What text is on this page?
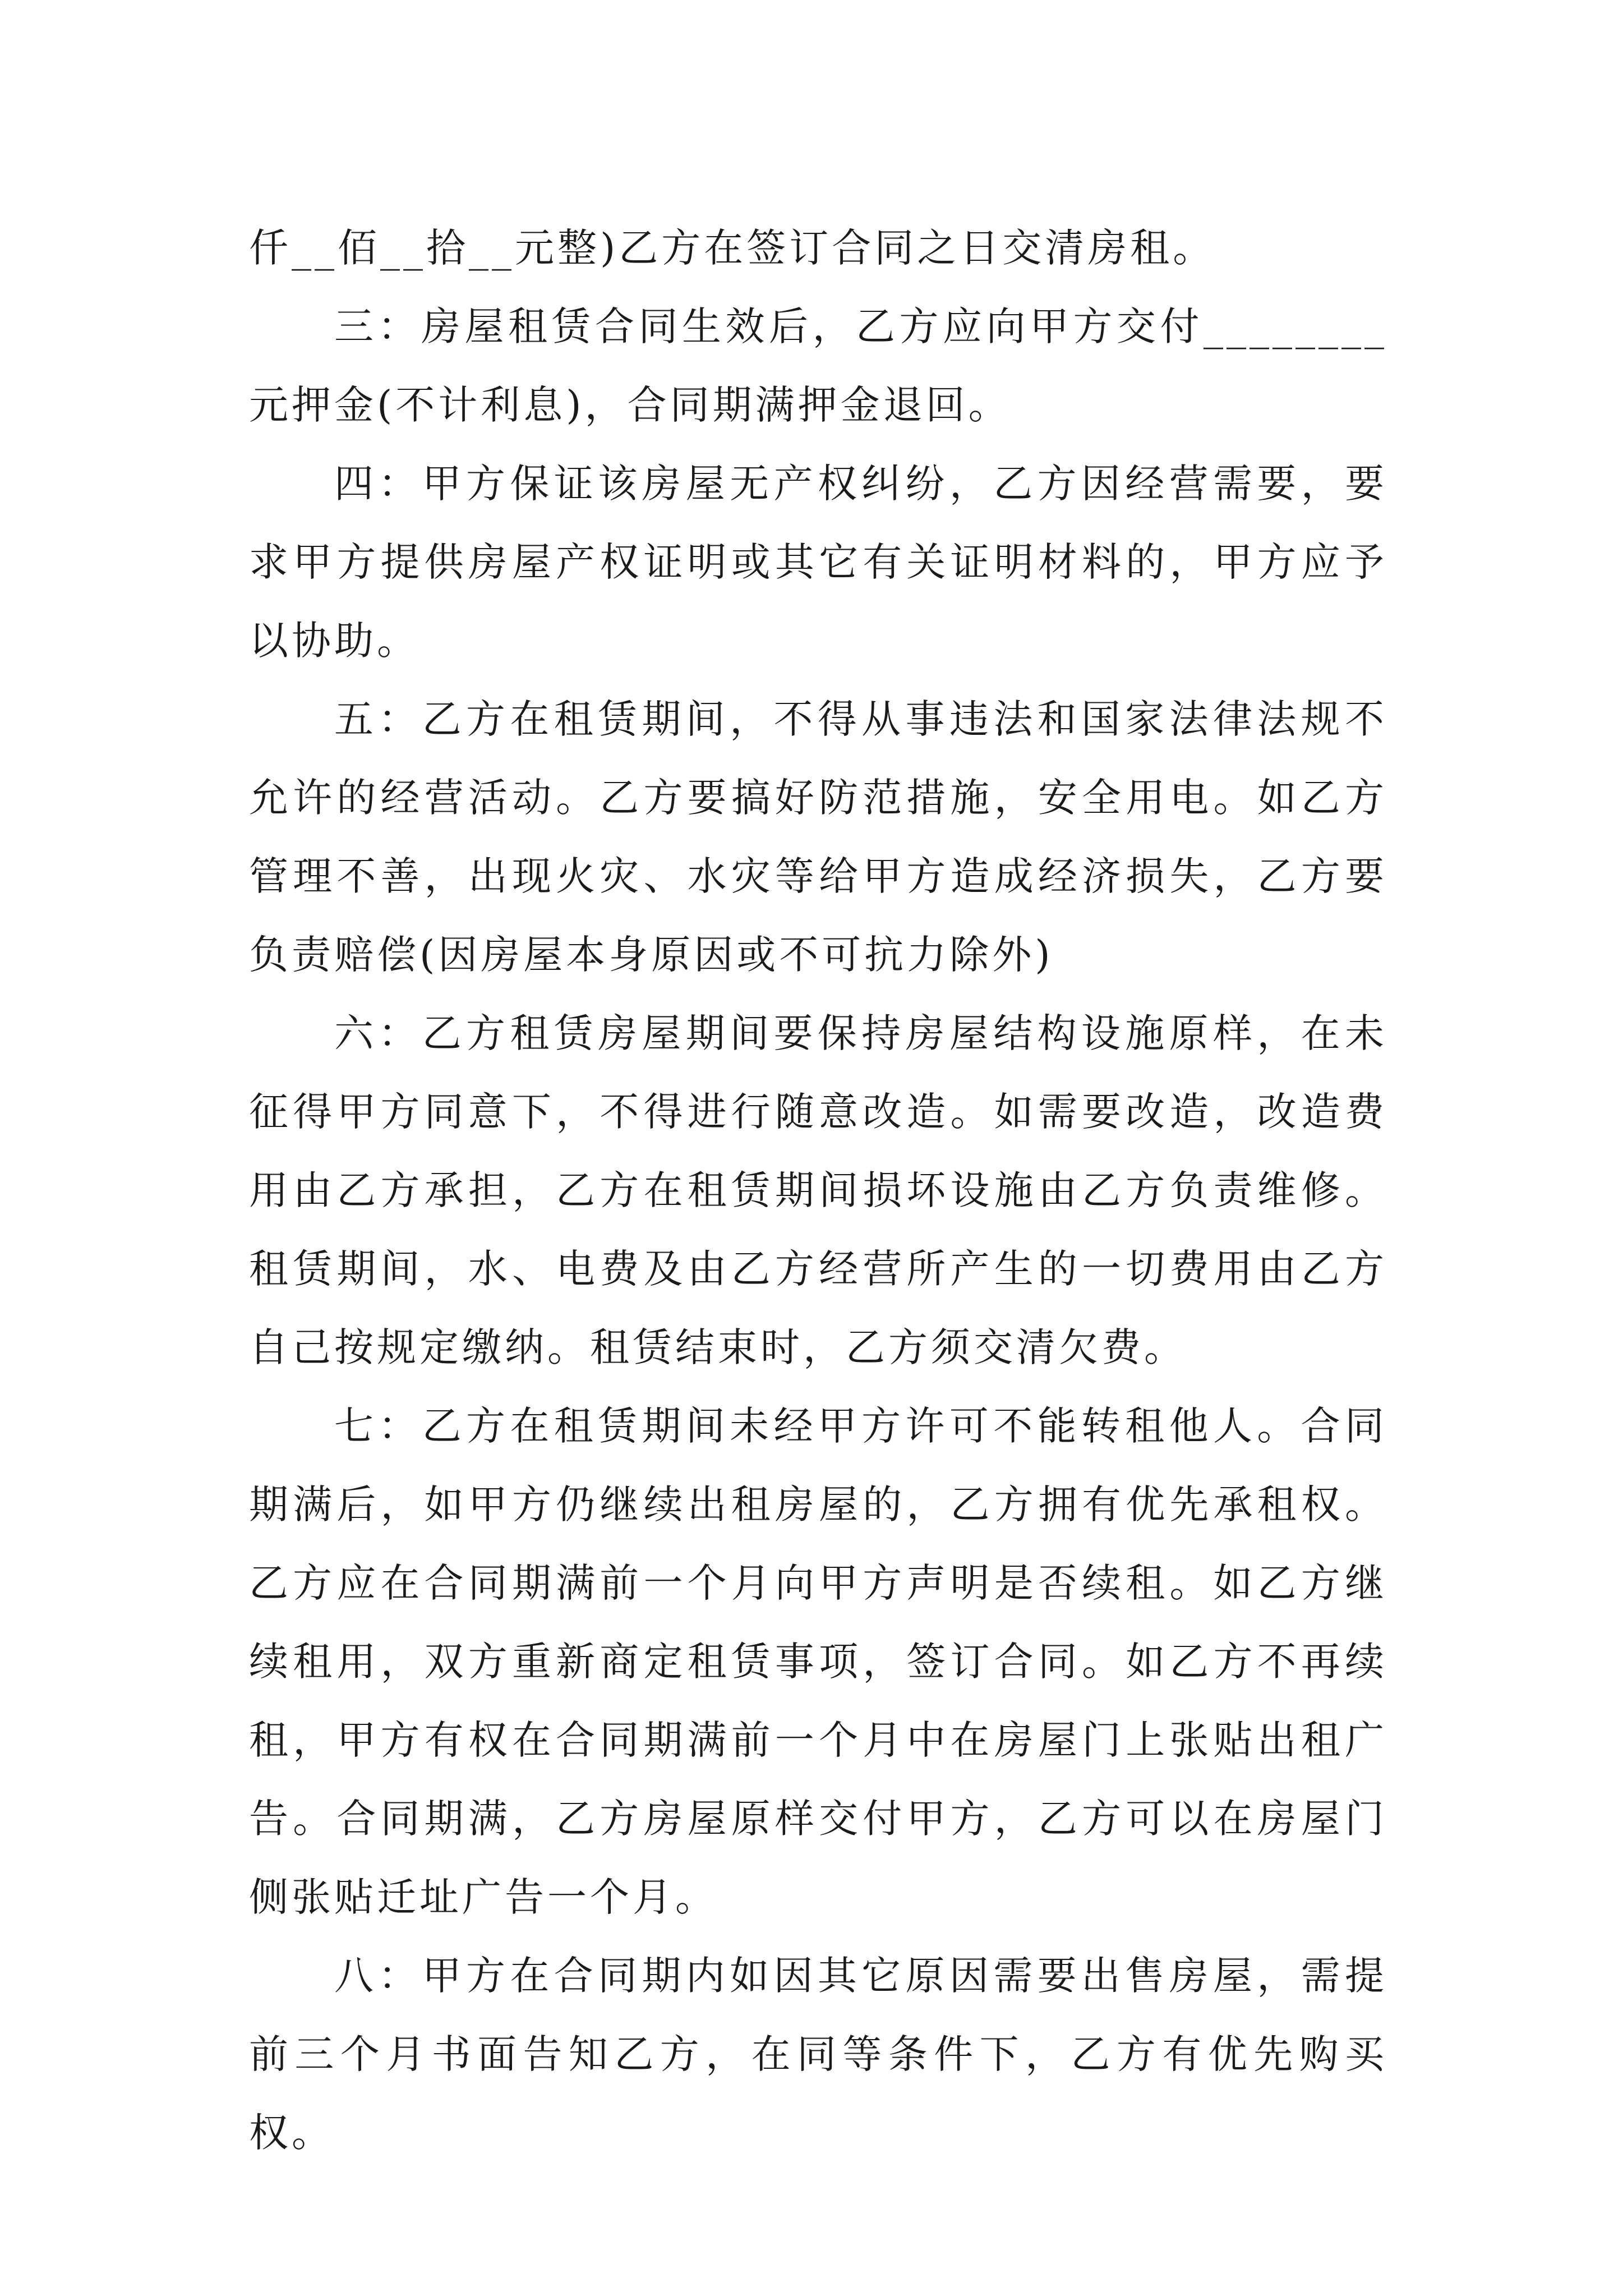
仟__佰__拾__元整)乙方在签订合同之日交清房租。

三：房屋租赁合同生效后，乙方应向甲方交付________元押金(不计利息)，合同期满押金退回。

四：甲方保证该房屋无产权纠纷，乙方因经营需要，要求甲方提供房屋产权证明或其它有关证明材料的，甲方应予以协助。

五：乙方在租赁期间，不得从事违法和国家法律法规不允许的经营活动。乙方要搞好防范措施，安全用电。如乙方管理不善，出现火灾、水灾等给甲方造成经济损失，乙方要负责赔偿(因房屋本身原因或不可抗力除外)

六：乙方租赁房屋期间要保持房屋结构设施原样，在未征得甲方同意下，不得进行随意改造。如需要改造，改造费用由乙方承担，乙方在租赁期间损坏设施由乙方负责维修。租赁期间，水、电费及由乙方经营所产生的一切费用由乙方自己按规定缴纳。租赁结束时，乙方须交清欠费。

七：乙方在租赁期间未经甲方许可不能转租他人。合同期满后，如甲方仍继续出租房屋的，乙方拥有优先承租权。乙方应在合同期满前一个月向甲方声明是否续租。如乙方继续租用，双方重新商定租赁事项，签订合同。如乙方不再续租，甲方有权在合同期满前一个月中在房屋门上张贴出租广告。合同期满，乙方房屋原样交付甲方，乙方可以在房屋门侧张贴迁址广告一个月。

八：甲方在合同期内如因其它原因需要出售房屋，需提前三个月书面告知乙方，在同等条件下，乙方有优先购买权。
